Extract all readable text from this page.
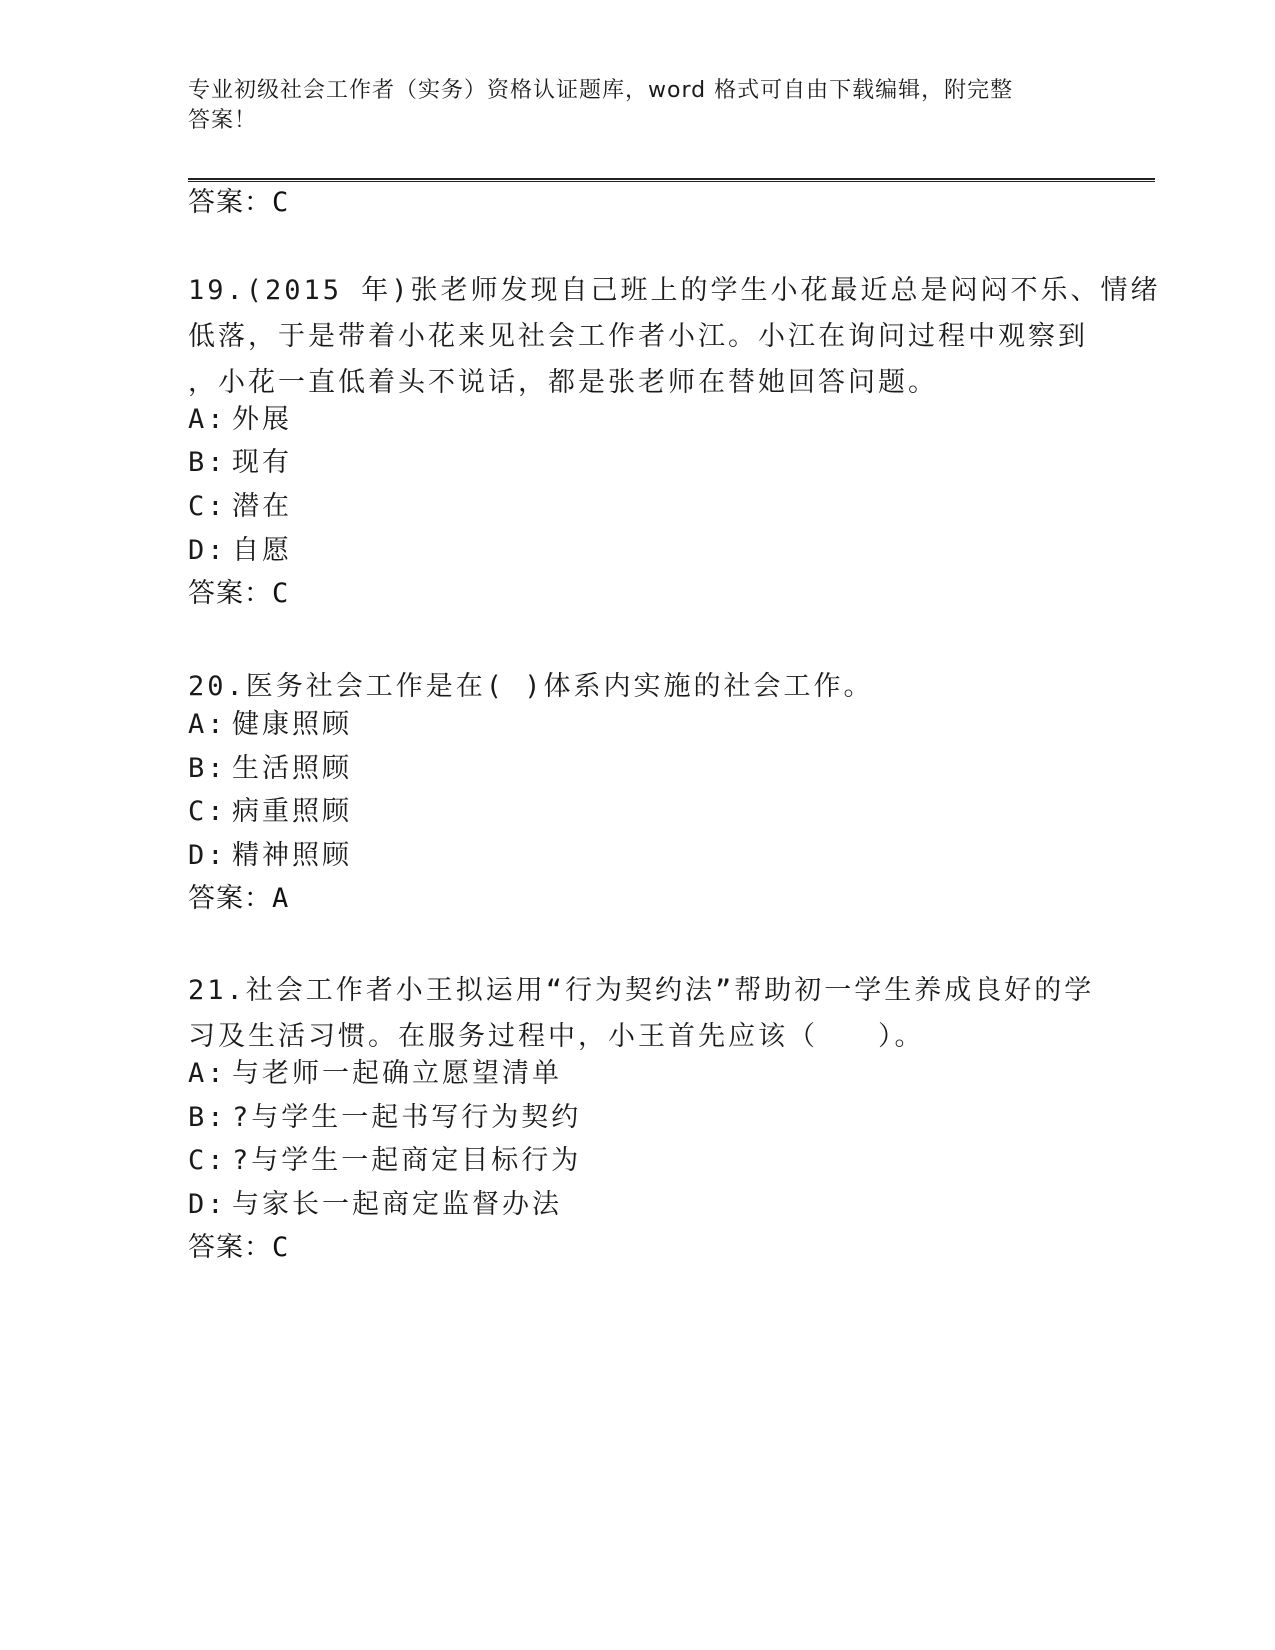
专业初级社会工作者（实务）资格认证题库，word 格式可自由下载编辑，附完整
答案！
答案：C
19.(2015 年)张老师发现自己班上的学生小花最近总是闷闷不乐、情绪
低落，于是带着小花来见社会工作者小江。小江在询问过程中观察到
，小花一直低着头不说话，都是张老师在替她回答问题。
A: 外展
B: 现有
C: 潜在
D: 自愿
答案：C
20.医务社会工作是在( )体系内实施的社会工作。
A: 健康照顾
B: 生活照顾
C: 病重照顾
D: 精神照顾
答案：A
21.社会工作者小王拟运用“行为契约法”帮助初一学生养成良好的学
习及生活习惯。在服务过程中，小王首先应该（　　）。
A: 与老师一起确立愿望清单
B: ?与学生一起书写行为契约
C: ?与学生一起商定目标行为
D: 与家长一起商定监督办法
答案：C
